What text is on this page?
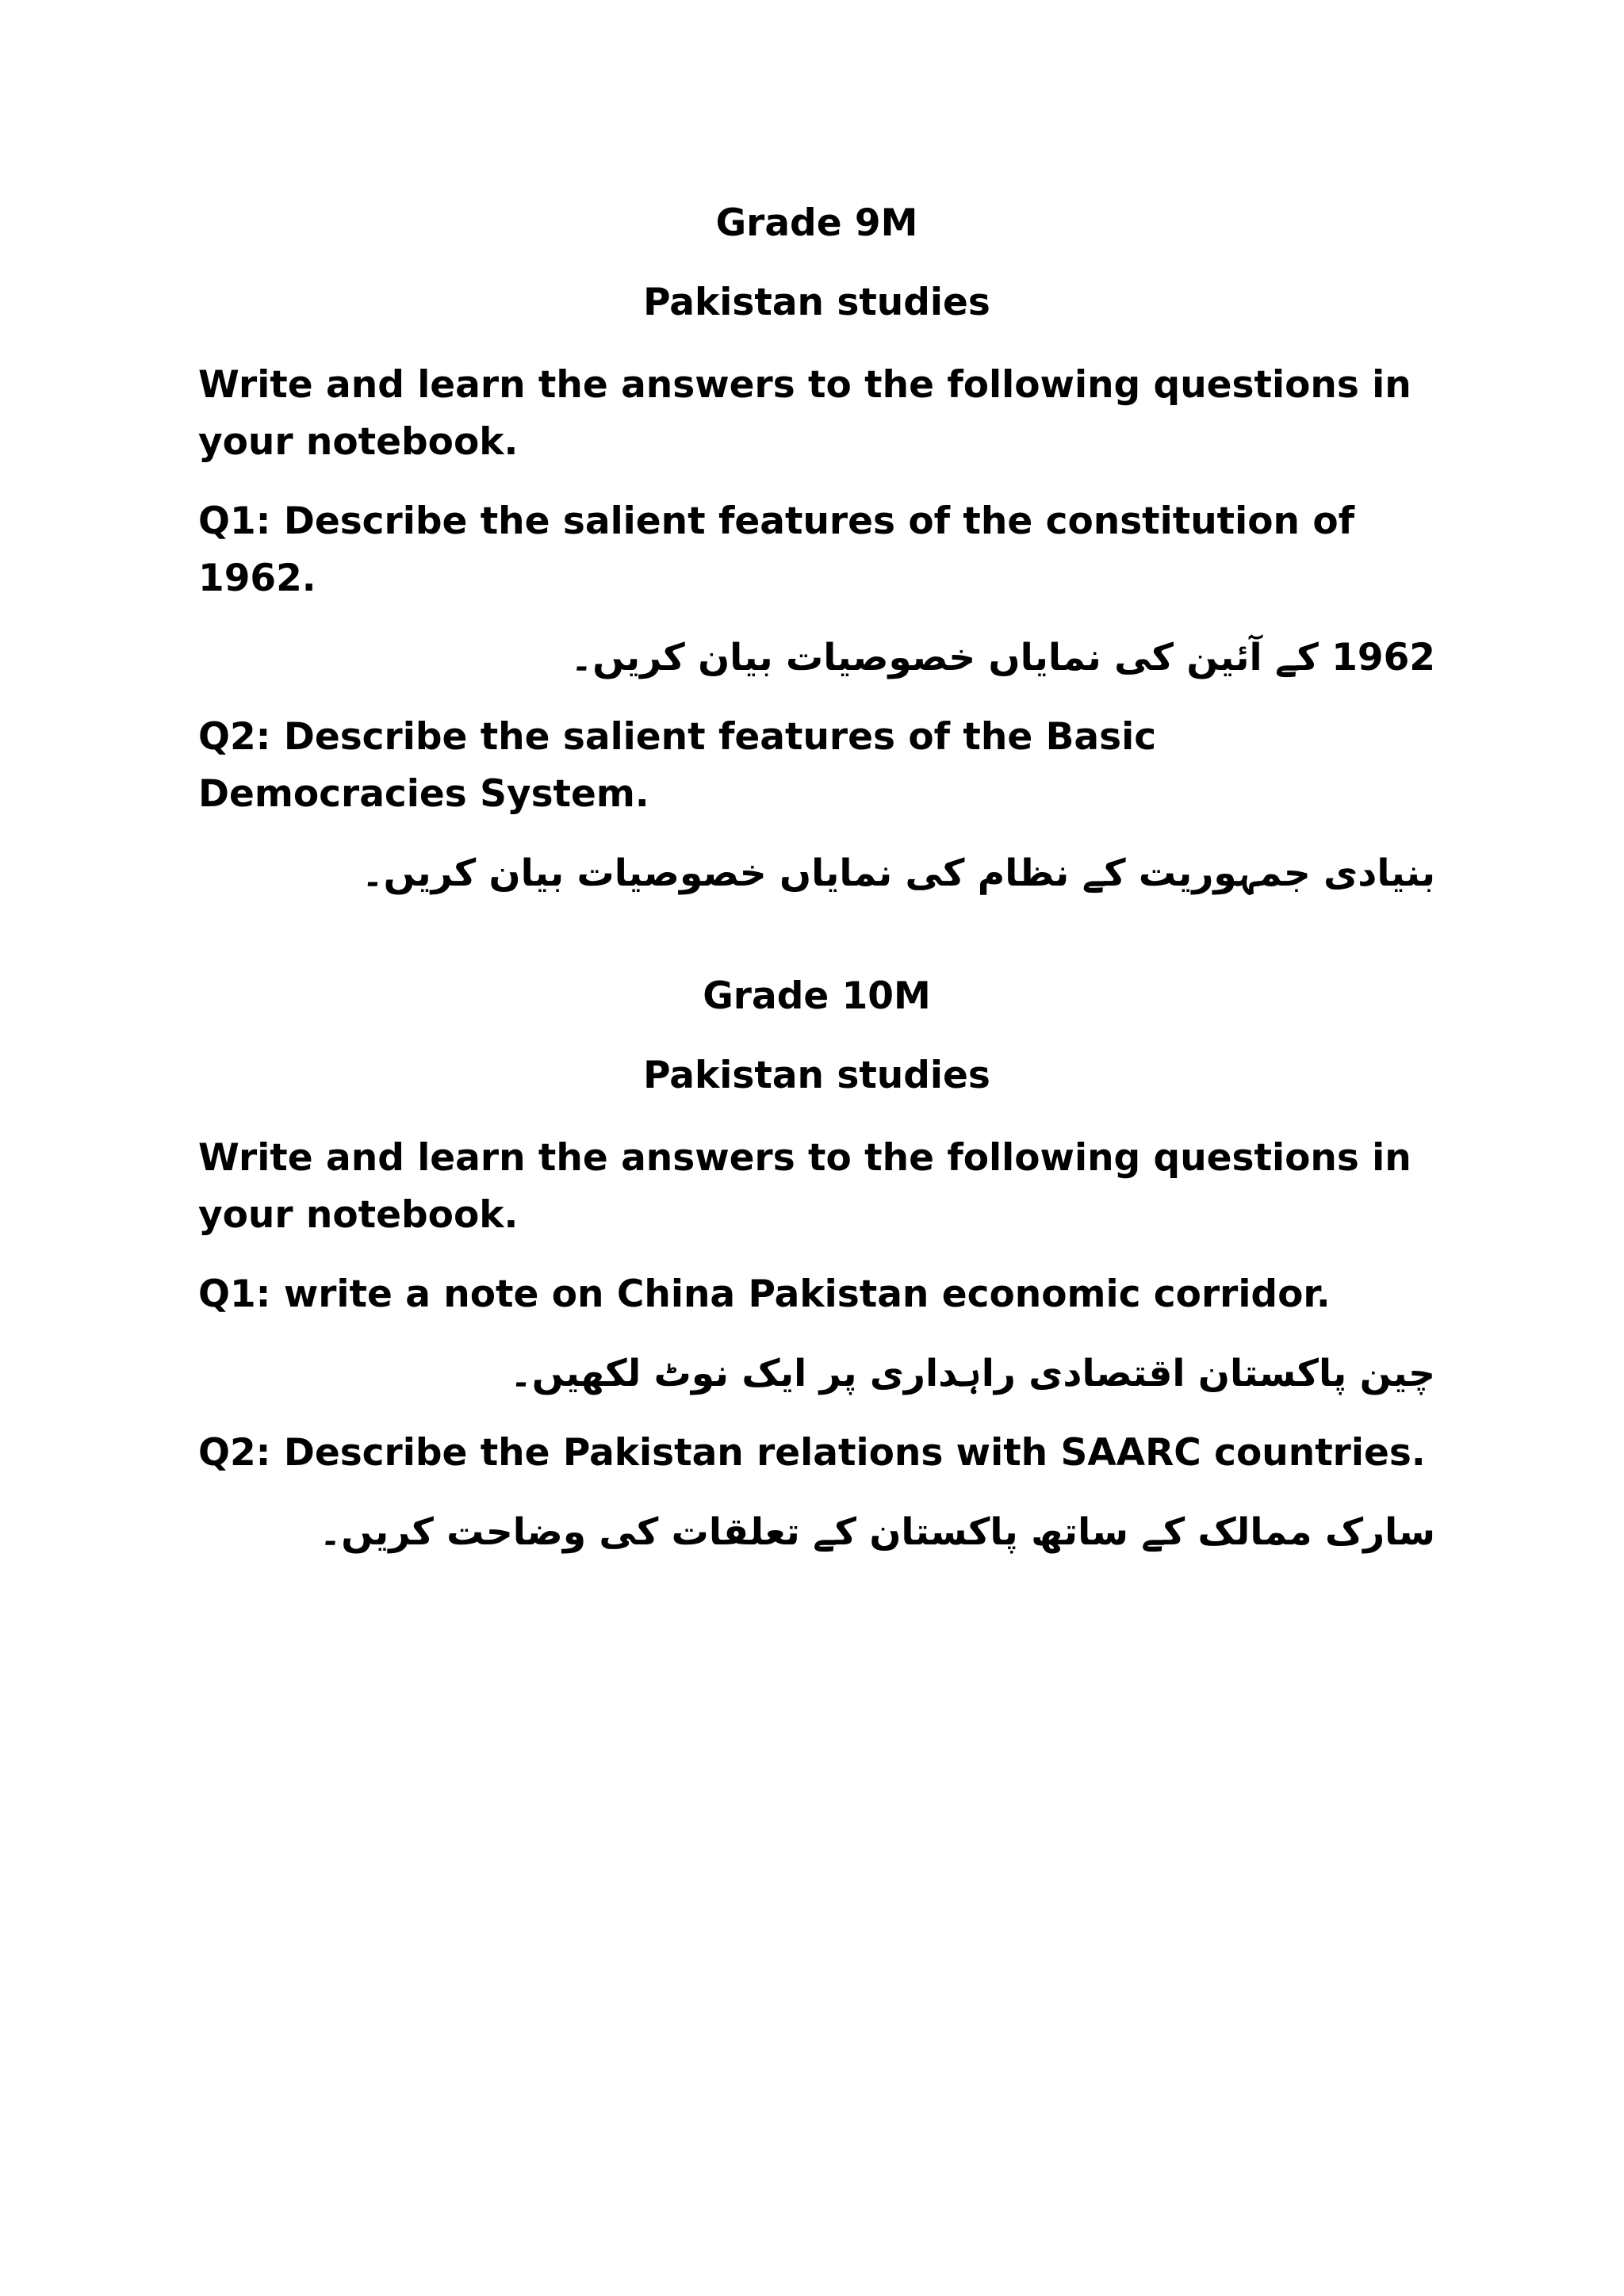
Grade 9M

Pakistan studies

Write and learn the answers to the following questions in your notebook.

Q1: Describe the salient features of the constitution of 1962.

1962 کے آئین کی نمایاں خصوصیات بیان کریں۔

Q2: Describe the salient features of the Basic Democracies System.

بنیادی جمہوریت کے نظام کی نمایاں خصوصیات بیان کریں۔

Grade 10M

Pakistan studies

Write and learn the answers to the following questions in your notebook.

Q1: write a note on China Pakistan economic corridor.

چین پاکستان اقتصادی راہداری پر ایک نوٹ لکھیں۔

Q2: Describe the Pakistan relations with SAARC countries.

سارک ممالک کے ساتھ پاکستان کے تعلقات کی وضاحت کریں۔
